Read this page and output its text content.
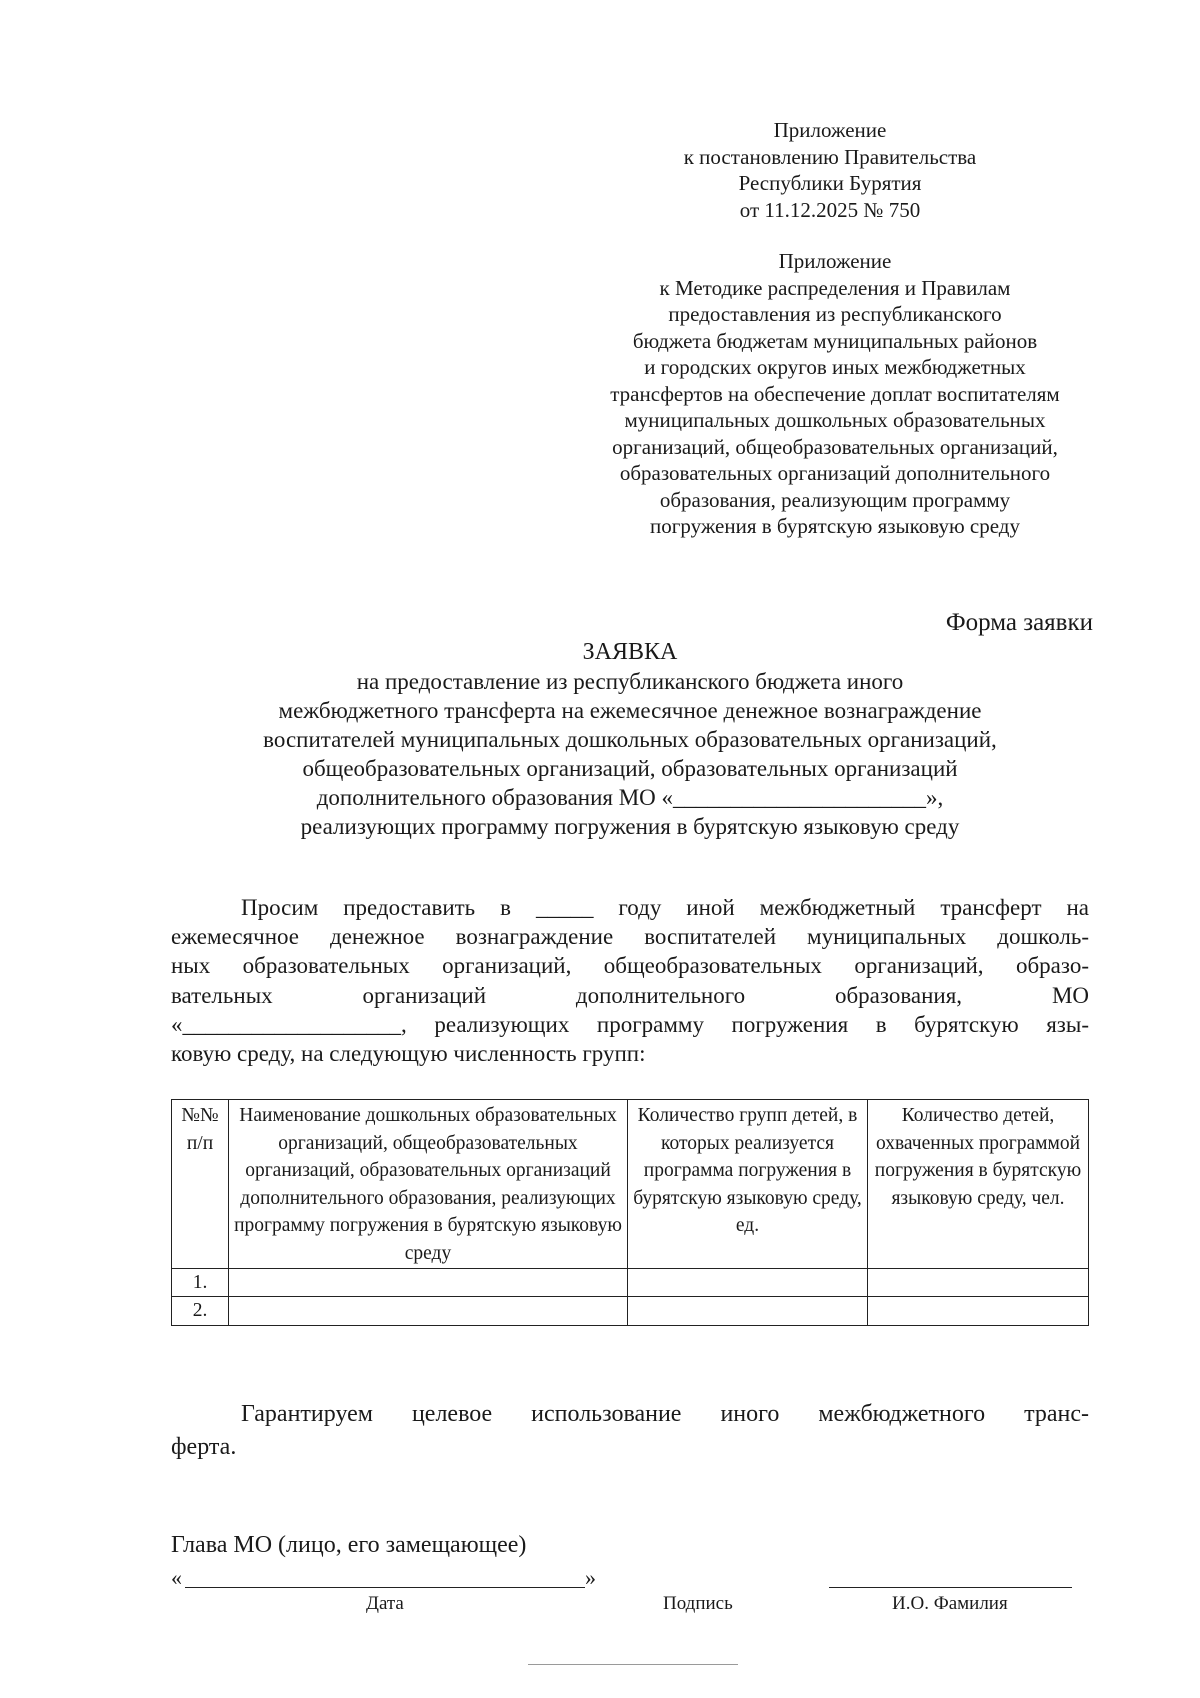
Приложение
к постановлению Правительства
Республики Бурятия
от 11.12.2025 № 750
Приложение
к Методике распределения и Правилам
предоставления из республиканского
бюджета бюджетам муниципальных районов
и городских округов иных межбюджетных
трансфертов на обеспечение доплат воспитателям
муниципальных дошкольных образовательных
организаций, общеобразовательных организаций,
образовательных организаций дополнительного
образования, реализующим программу
погружения в бурятскую языковую среду
Форма заявки
ЗАЯВКА
на предоставление из республиканского бюджета иного
межбюджетного трансферта на ежемесячное денежное вознаграждение
воспитателей муниципальных дошкольных образовательных организаций,
общеобразовательных организаций, образовательных организаций
дополнительного образования МО «______________________»,
реализующих программу погружения в бурятскую языковую среду
Просим предоставить в _____ году иной межбюджетный трансферт на
ежемесячное денежное вознаграждение воспитателей муниципальных дошколь-
ных образовательных организаций, общеобразовательных организаций, образо-
вательных организаций дополнительного образования, МО
«___________________, реализующих программу погружения в бурятскую язы-
ковую среду, на следующую численность групп:
№№ п/п	Наименование дошкольных образовательных организаций, общеобразовательных организаций, образовательных организаций дополнительного образования, реализующих программу погружения в бурятскую языковую среду	Количество групп детей, в которых реализуется программа погружения в бурятскую языковую среду, ед.	Количество детей, охваченных программой погружения в бурятскую языковую среду, чел.
1.			
2.			
Гарантируем целевое использование иного межбюджетного транс-
ферта.
Глава МО (лицо, его замещающее)
«	»
Дата	Подпись	И.О. Фамилия
